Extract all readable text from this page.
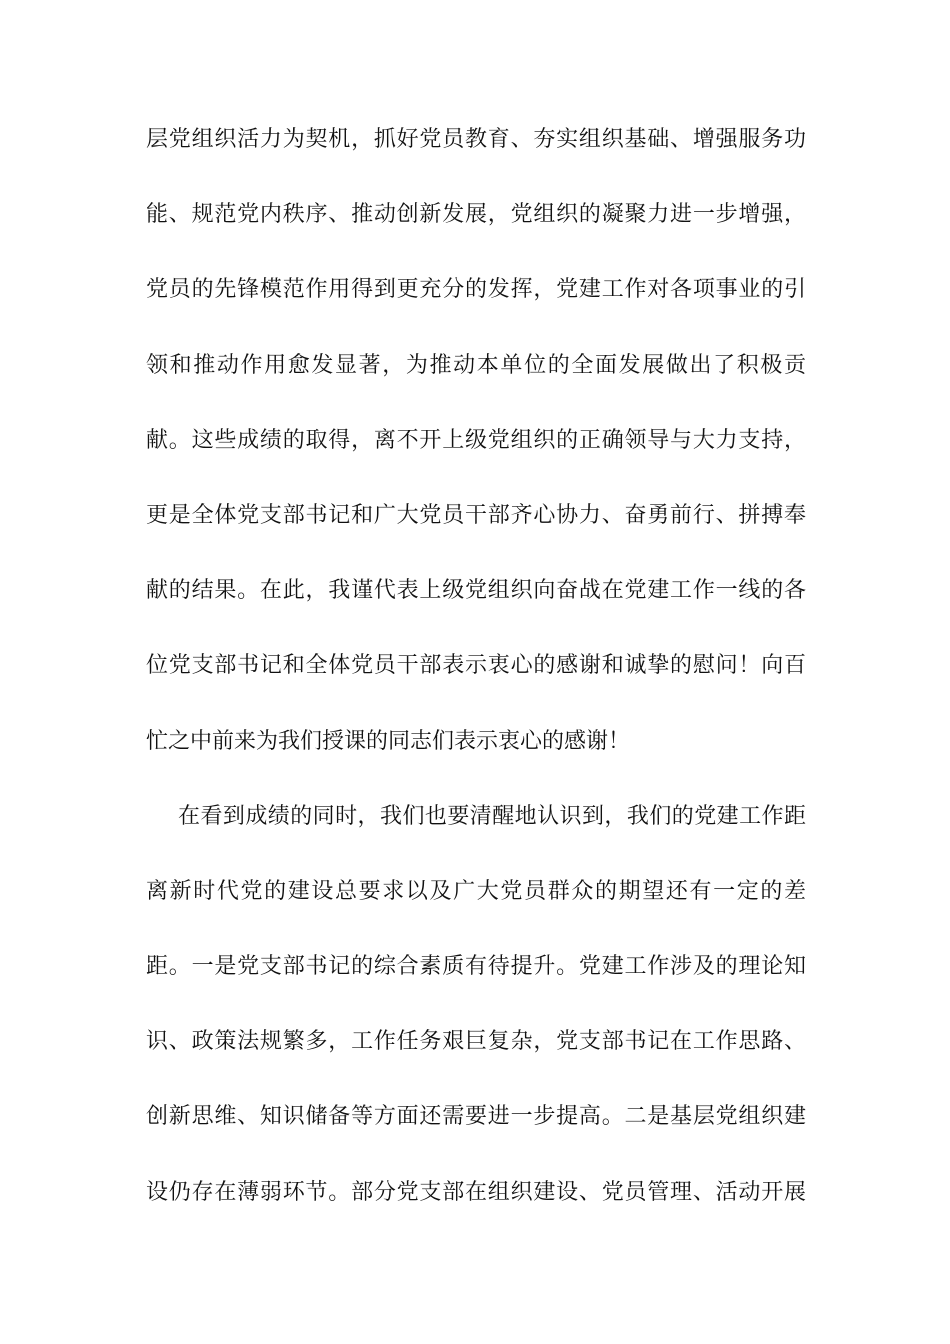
层党组织活力为契机，抓好党员教育、夯实组织基础、增强服务功
能、规范党内秩序、推动创新发展，党组织的凝聚力进一步增强，
党员的先锋模范作用得到更充分的发挥，党建工作对各项事业的引
领和推动作用愈发显著，为推动本单位的全面发展做出了积极贡
献。这些成绩的取得，离不开上级党组织的正确领导与大力支持，
更是全体党支部书记和广大党员干部齐心协力、奋勇前行、拼搏奉
献的结果。在此，我谨代表上级党组织向奋战在党建工作一线的各
位党支部书记和全体党员干部表示衷心的感谢和诚挚的慰问！向百
忙之中前来为我们授课的同志们表示衷心的感谢！
在看到成绩的同时，我们也要清醒地认识到，我们的党建工作距
离新时代党的建设总要求以及广大党员群众的期望还有一定的差
距。一是党支部书记的综合素质有待提升。党建工作涉及的理论知
识、政策法规繁多，工作任务艰巨复杂，党支部书记在工作思路、
创新思维、知识储备等方面还需要进一步提高。二是基层党组织建
设仍存在薄弱环节。部分党支部在组织建设、党员管理、活动开展
